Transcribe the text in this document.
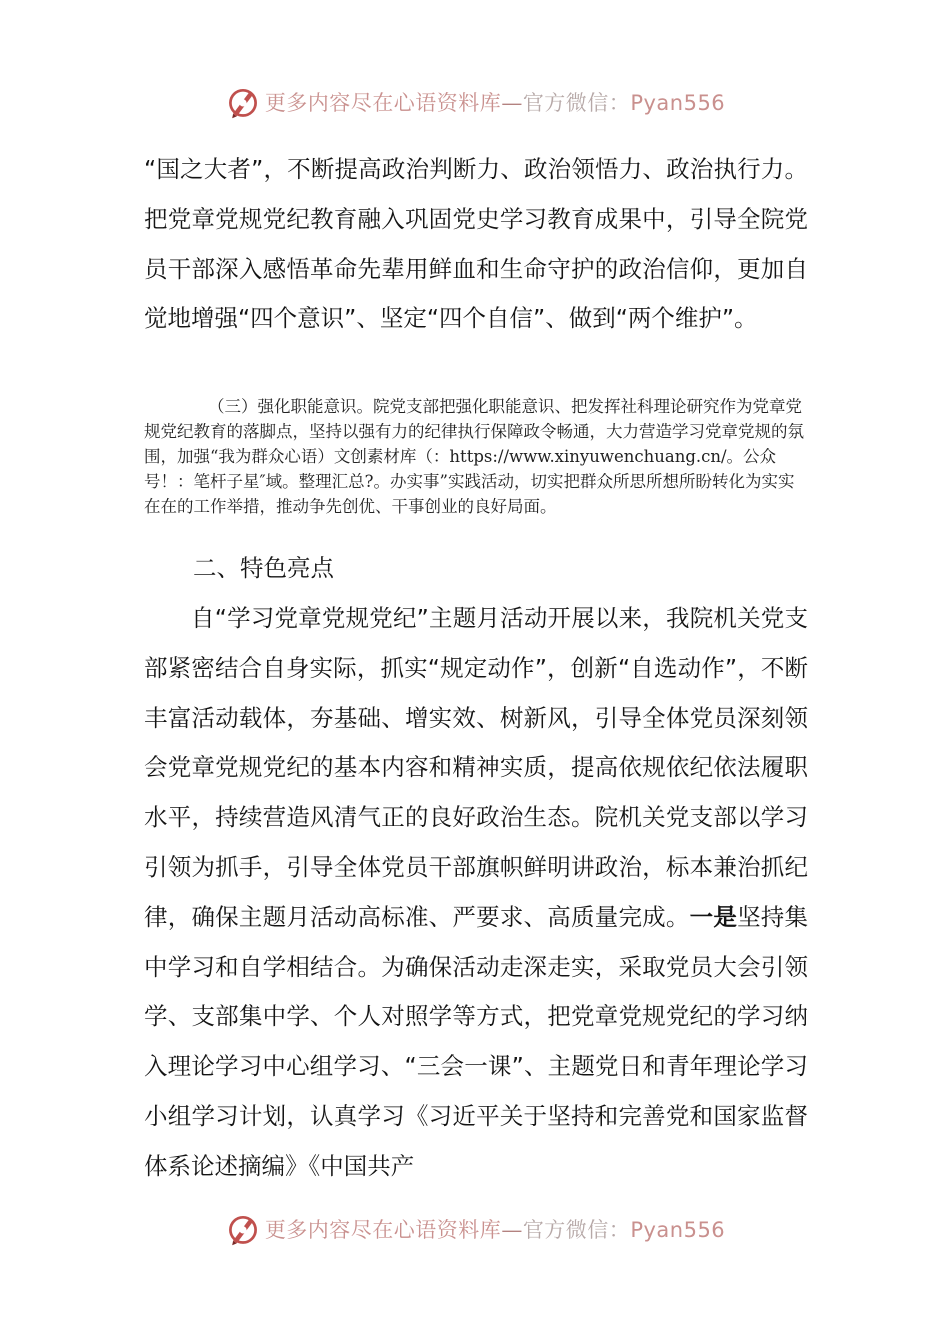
更多内容尽在心语资料库—官方微信：Pyan556

“国之大者”，不断提高政治判断力、政治领悟力、政治执行力。把党章党规党纪教育融入巩固党史学习教育成果中，引导全院党员干部深入感悟革命先辈用鲜血和生命守护的政治信仰，更加自觉地增强“四个意识”、坚定“四个自信”、做到“两个维护”。

（三）强化职能意识。院党支部把强化职能意识、把发挥社科理论研究作为党章党规党纪教育的落脚点，坚持以强有力的纪律执行保障政令畅通，大力营造学习党章党规的氛围，加强“我为群众心语）文创素材库（：https://www.xinyuwenchuang.cn/。公众号！：笔杆子星″域。整理汇总?。办实事”实践活动，切实把群众所思所想所盼转化为实实在在的工作举措，推动争先创优、干事创业的良好局面。

二、特色亮点

自“学习党章党规党纪”主题月活动开展以来，我院机关党支部紧密结合自身实际，抓实“规定动作”，创新“自选动作”，不断丰富活动载体，夯基础、增实效、树新风，引导全体党员深刻领会党章党规党纪的基本内容和精神实质，提高依规依纪依法履职水平，持续营造风清气正的良好政治生态。院机关党支部以学习引领为抓手，引导全体党员干部旗帜鲜明讲政治，标本兼治抓纪律，确保主题月活动高标准、严要求、高质量完成。一是坚持集中学习和自学相结合。为确保活动走深走实，采取党员大会引领学、支部集中学、个人对照学等方式，把党章党规党纪的学习纳入理论学习中心组学习、“三会一课”、主题党日和青年理论学习小组学习计划，认真学习《习近平关于坚持和完善党和国家监督体系论述摘编》《中国共产

更多内容尽在心语资料库—官方微信：Pyan556
